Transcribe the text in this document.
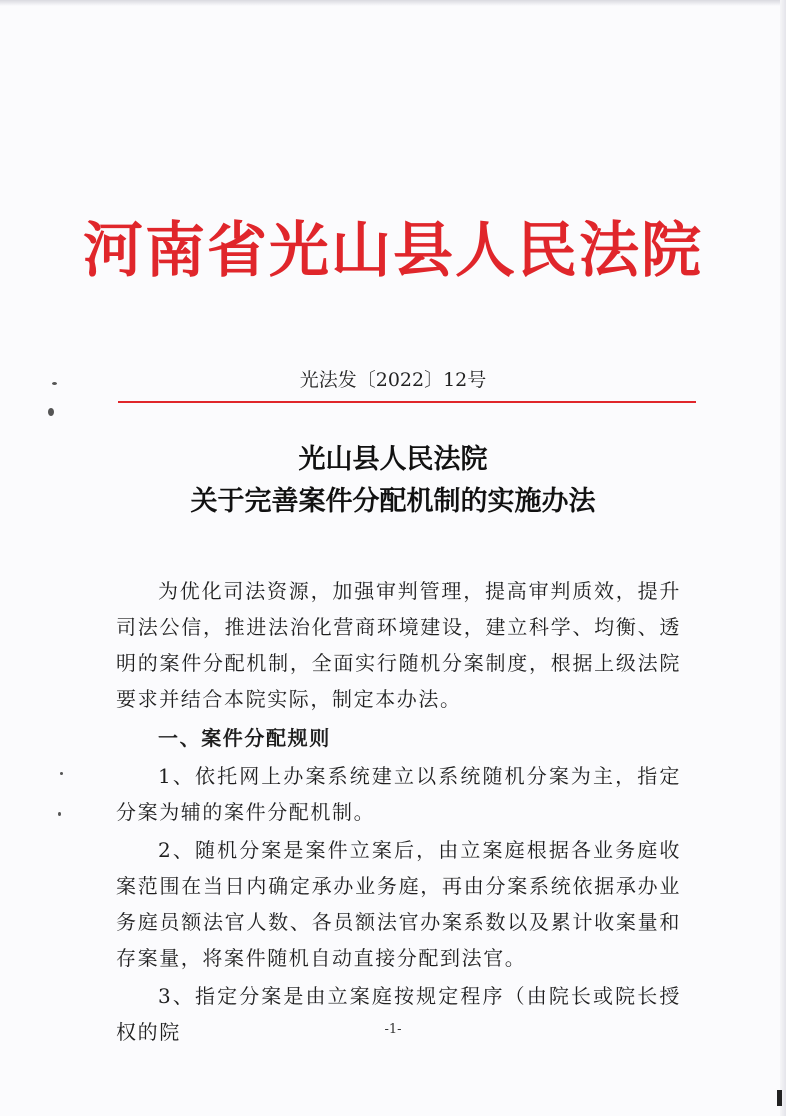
河南省光山县人民法院
光法发〔2022〕12号
光山县人民法院
关于完善案件分配机制的实施办法

为优化司法资源，加强审判管理，提高审判质效，提升司法公信，推进法治化营商环境建设，建立科学、均衡、透明的案件分配机制，全面实行随机分案制度，根据上级法院要求并结合本院实际，制定本办法。

一、案件分配规则

1、依托网上办案系统建立以系统随机分案为主，指定分案为辅的案件分配机制。

2、随机分案是案件立案后，由立案庭根据各业务庭收案范围在当日内确定承办业务庭，再由分案系统依据承办业务庭员额法官人数、各员额法官办案系数以及累计收案量和存案量，将案件随机自动直接分配到法官。

3、指定分案是由立案庭按规定程序（由院长或院长授权的院	-1-
